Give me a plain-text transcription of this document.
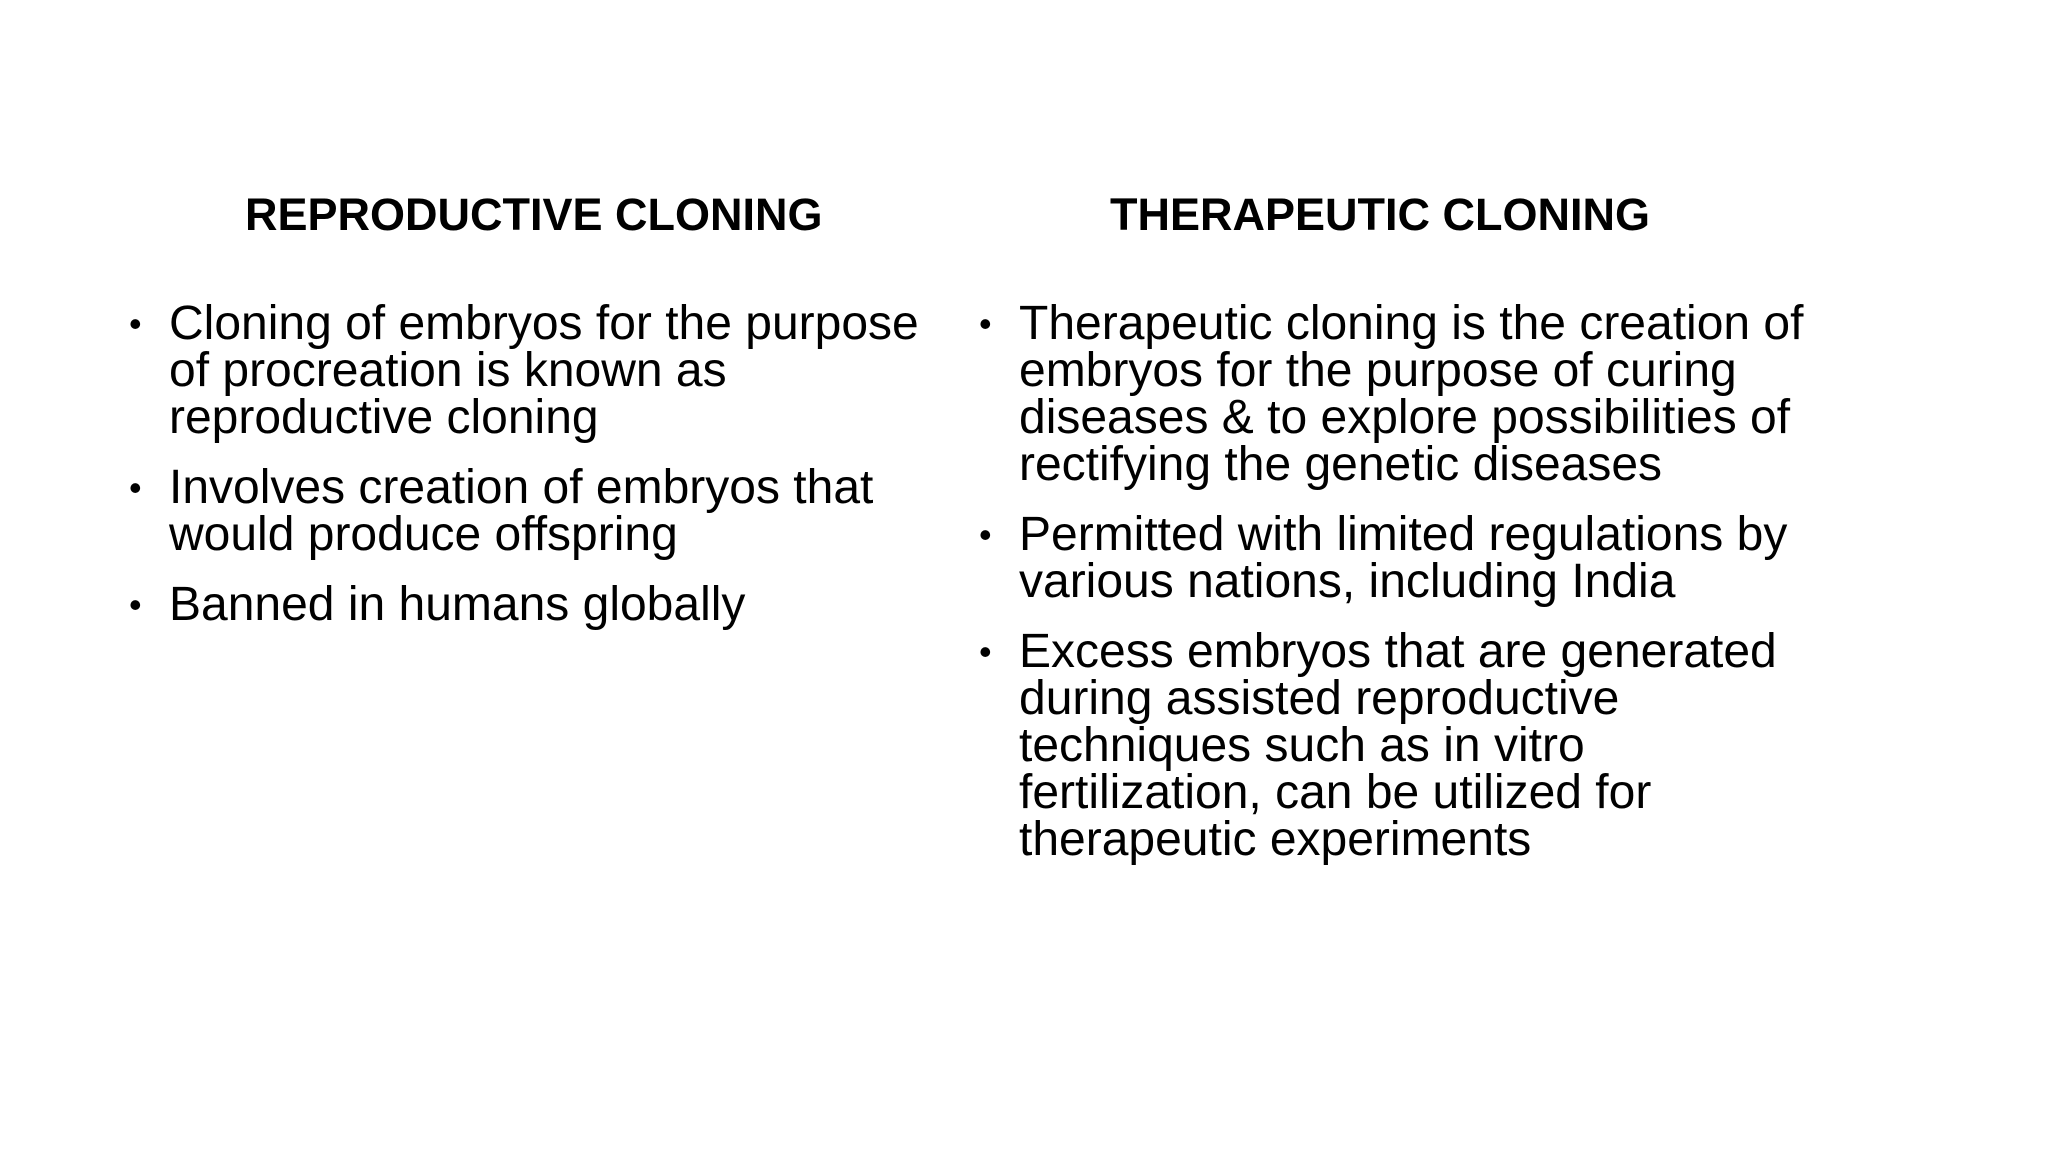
REPRODUCTIVE CLONING
• Cloning of embryos for the purpose of procreation is known as reproductive cloning
• Involves creation of embryos that would produce offspring
• Banned in humans globally
THERAPEUTIC CLONING
• Therapeutic cloning is the creation of embryos for the purpose of curing diseases & to explore possibilities of rectifying the genetic diseases
• Permitted with limited regulations by various nations, including India
• Excess embryos that are generated during assisted reproductive techniques such as in vitro fertilization, can be utilized for therapeutic experiments
